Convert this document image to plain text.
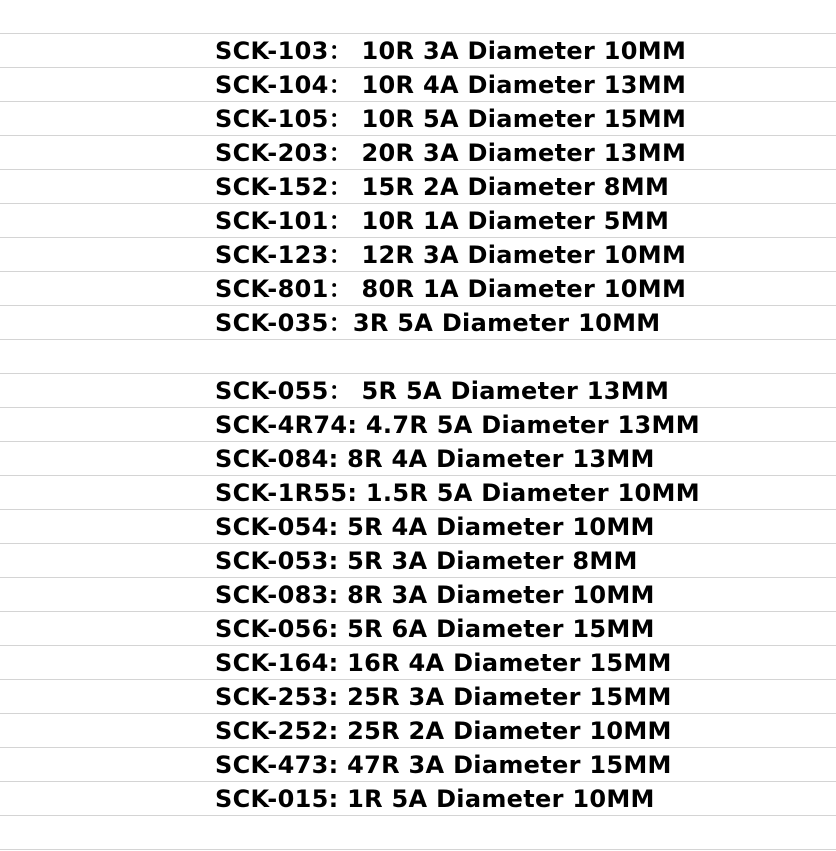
SCK-103： 10R 3A Diameter 10MM
SCK-104： 10R 4A Diameter 13MM
SCK-105： 10R 5A Diameter 15MM
SCK-203： 20R 3A Diameter 13MM
SCK-152： 15R 2A Diameter 8MM
SCK-101： 10R 1A Diameter 5MM
SCK-123： 12R 3A Diameter 10MM
SCK-801： 80R 1A Diameter 10MM
SCK-035：3R 5A Diameter 10MM
SCK-055： 5R 5A Diameter 13MM
SCK-4R74: 4.7R 5A Diameter 13MM
SCK-084: 8R 4A Diameter 13MM
SCK-1R55: 1.5R 5A Diameter 10MM
SCK-054: 5R 4A Diameter 10MM
SCK-053: 5R 3A Diameter 8MM
SCK-083: 8R 3A Diameter 10MM
SCK-056: 5R 6A Diameter 15MM
SCK-164: 16R 4A Diameter 15MM
SCK-253: 25R 3A Diameter 15MM
SCK-252: 25R 2A Diameter 10MM
SCK-473: 47R 3A Diameter 15MM
SCK-015: 1R 5A Diameter 10MM
